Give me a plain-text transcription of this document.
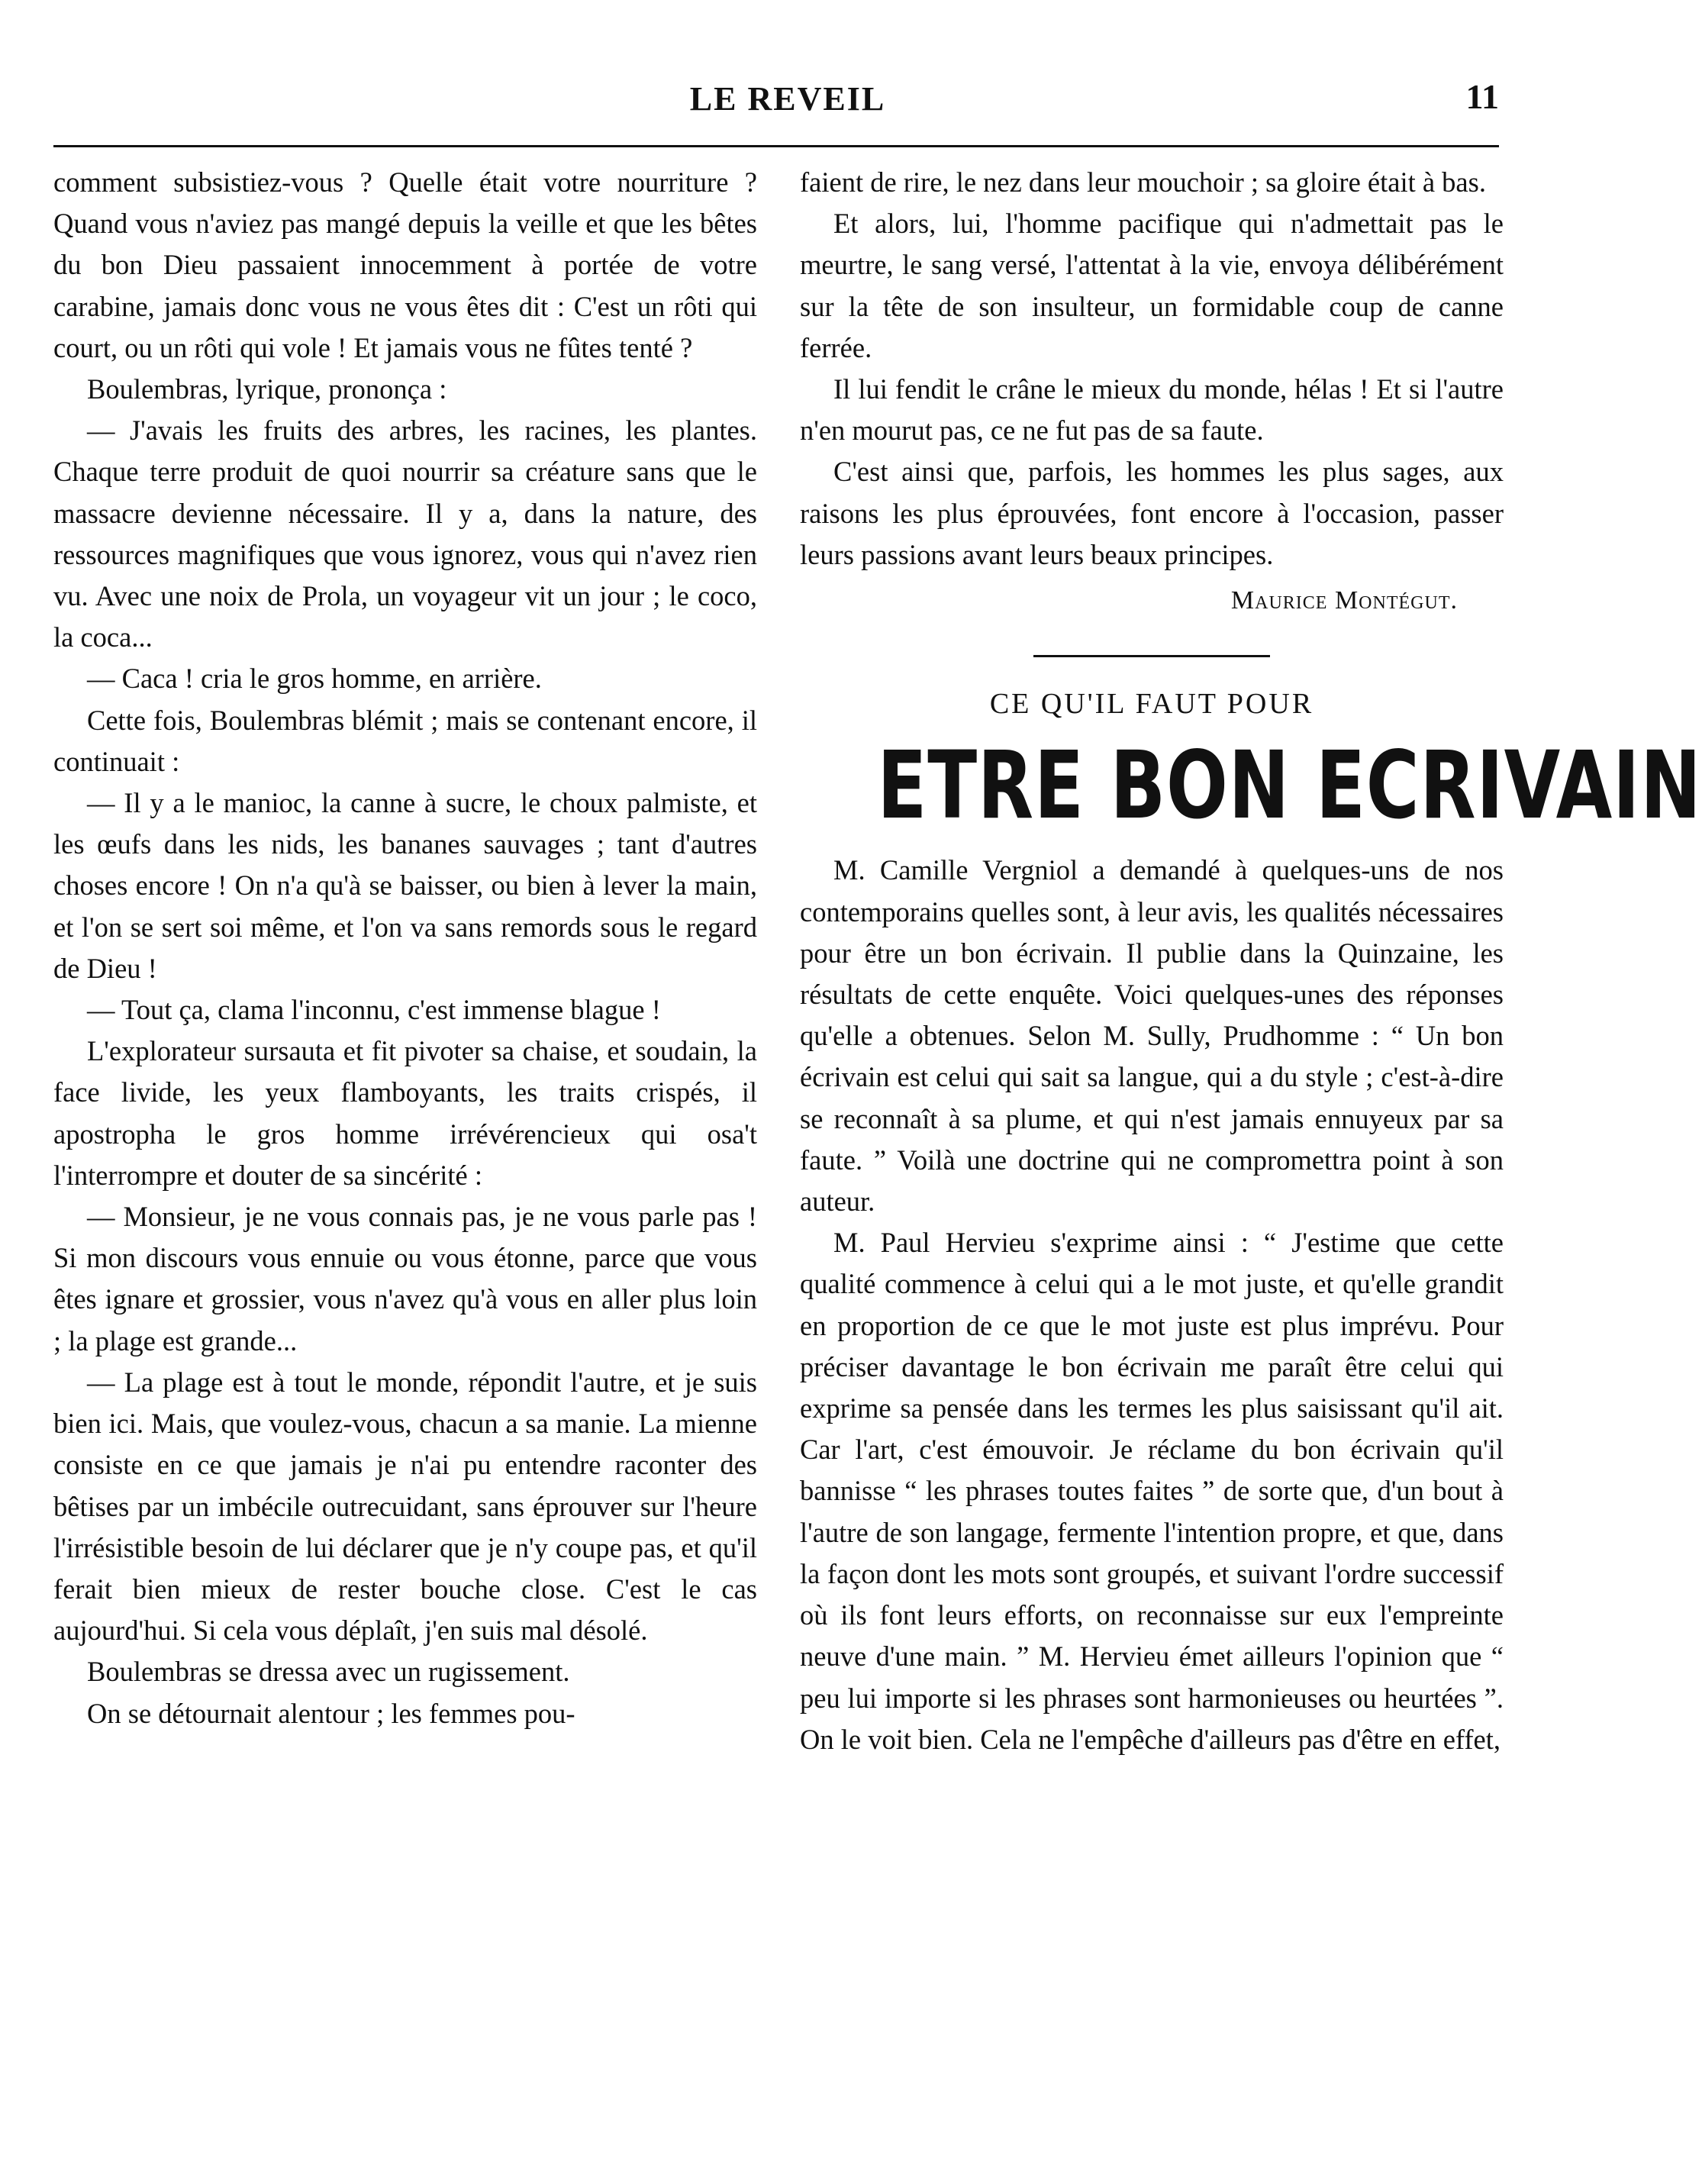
LE REVEIL	11

comment subsistiez-vous ? Quelle était votre nourriture ? Quand vous n'aviez pas mangé depuis la veille et que les bêtes du bon Dieu passaient innocemment à portée de votre carabine, jamais donc vous ne vous êtes dit : C'est un rôti qui court, ou un rôti qui vole ! Et jamais vous ne fûtes tenté ?

Boulembras, lyrique, prononça :

— J'avais les fruits des arbres, les racines, les plantes. Chaque terre produit de quoi nourrir sa créature sans que le massacre devienne nécessaire. Il y a, dans la nature, des ressources magnifiques que vous ignorez, vous qui n'avez rien vu. Avec une noix de Prola, un voyageur vit un jour ; le coco, la coca...

— Caca ! cria le gros homme, en arrière.

Cette fois, Boulembras blémit ; mais se contenant encore, il continuait :

— Il y a le manioc, la canne à sucre, le choux palmiste, et les œufs dans les nids, les bananes sauvages ; tant d'autres choses encore ! On n'a qu'à se baisser, ou bien à lever la main, et l'on se sert soi même, et l'on va sans remords sous le regard de Dieu !

— Tout ça, clama l'inconnu, c'est immense blague !

L'explorateur sursauta et fit pivoter sa chaise, et soudain, la face livide, les yeux flamboyants, les traits crispés, il apostropha le gros homme irrévérencieux qui osa't l'interrompre et douter de sa sincérité :

— Monsieur, je ne vous connais pas, je ne vous parle pas ! Si mon discours vous ennuie ou vous étonne, parce que vous êtes ignare et grossier, vous n'avez qu'à vous en aller plus loin ; la plage est grande...

— La plage est à tout le monde, répondit l'autre, et je suis bien ici. Mais, que voulez-vous, chacun a sa manie. La mienne consiste en ce que jamais je n'ai pu entendre raconter des bêtises par un imbécile outrecuidant, sans éprouver sur l'heure l'irrésistible besoin de lui déclarer que je n'y coupe pas, et qu'il ferait bien mieux de rester bouche close. C'est le cas aujourd'hui. Si cela vous déplaît, j'en suis mal désolé.

Boulembras se dressa avec un rugissement.

On se détournait alentour ; les femmes pou-

faient de rire, le nez dans leur mouchoir ; sa gloire était à bas.

Et alors, lui, l'homme pacifique qui n'admettait pas le meurtre, le sang versé, l'attentat à la vie, envoya délibérément sur la tête de son insulteur, un formidable coup de canne ferrée.

Il lui fendit le crâne le mieux du monde, hélas ! Et si l'autre n'en mourut pas, ce ne fut pas de sa faute.

C'est ainsi que, parfois, les hommes les plus sages, aux raisons les plus éprouvées, font encore à l'occasion, passer leurs passions avant leurs beaux principes.

Maurice Montégut.
CE QU'IL FAUT POUR
ETRE BON ECRIVAIN

M. Camille Vergniol a demandé à quelques-uns de nos contemporains quelles sont, à leur avis, les qualités nécessaires pour être un bon écrivain. Il publie dans la Quinzaine, les résultats de cette enquête. Voici quelques-unes des réponses qu'elle a obtenues. Selon M. Sully, Prudhomme : “ Un bon écrivain est celui qui sait sa langue, qui a du style ; c'est-à-dire se reconnaît à sa plume, et qui n'est jamais ennuyeux par sa faute. ” Voilà une doctrine qui ne compromettra point à son auteur.

M. Paul Hervieu s'exprime ainsi : “ J'estime que cette qualité commence à celui qui a le mot juste, et qu'elle grandit en proportion de ce que le mot juste est plus imprévu. Pour préciser davantage le bon écrivain me paraît être celui qui exprime sa pensée dans les termes les plus saisissant qu'il ait. Car l'art, c'est émouvoir. Je réclame du bon écrivain qu'il bannisse “ les phrases toutes faites ” de sorte que, d'un bout à l'autre de son langage, fermente l'intention propre, et que, dans la façon dont les mots sont groupés, et suivant l'ordre successif où ils font leurs efforts, on reconnaisse sur eux l'empreinte neuve d'une main. ” M. Hervieu émet ailleurs l'opinion que “ peu lui importe si les phrases sont harmonieuses ou heurtées ”. On le voit bien. Cela ne l'empêche d'ailleurs pas d'être en effet,
